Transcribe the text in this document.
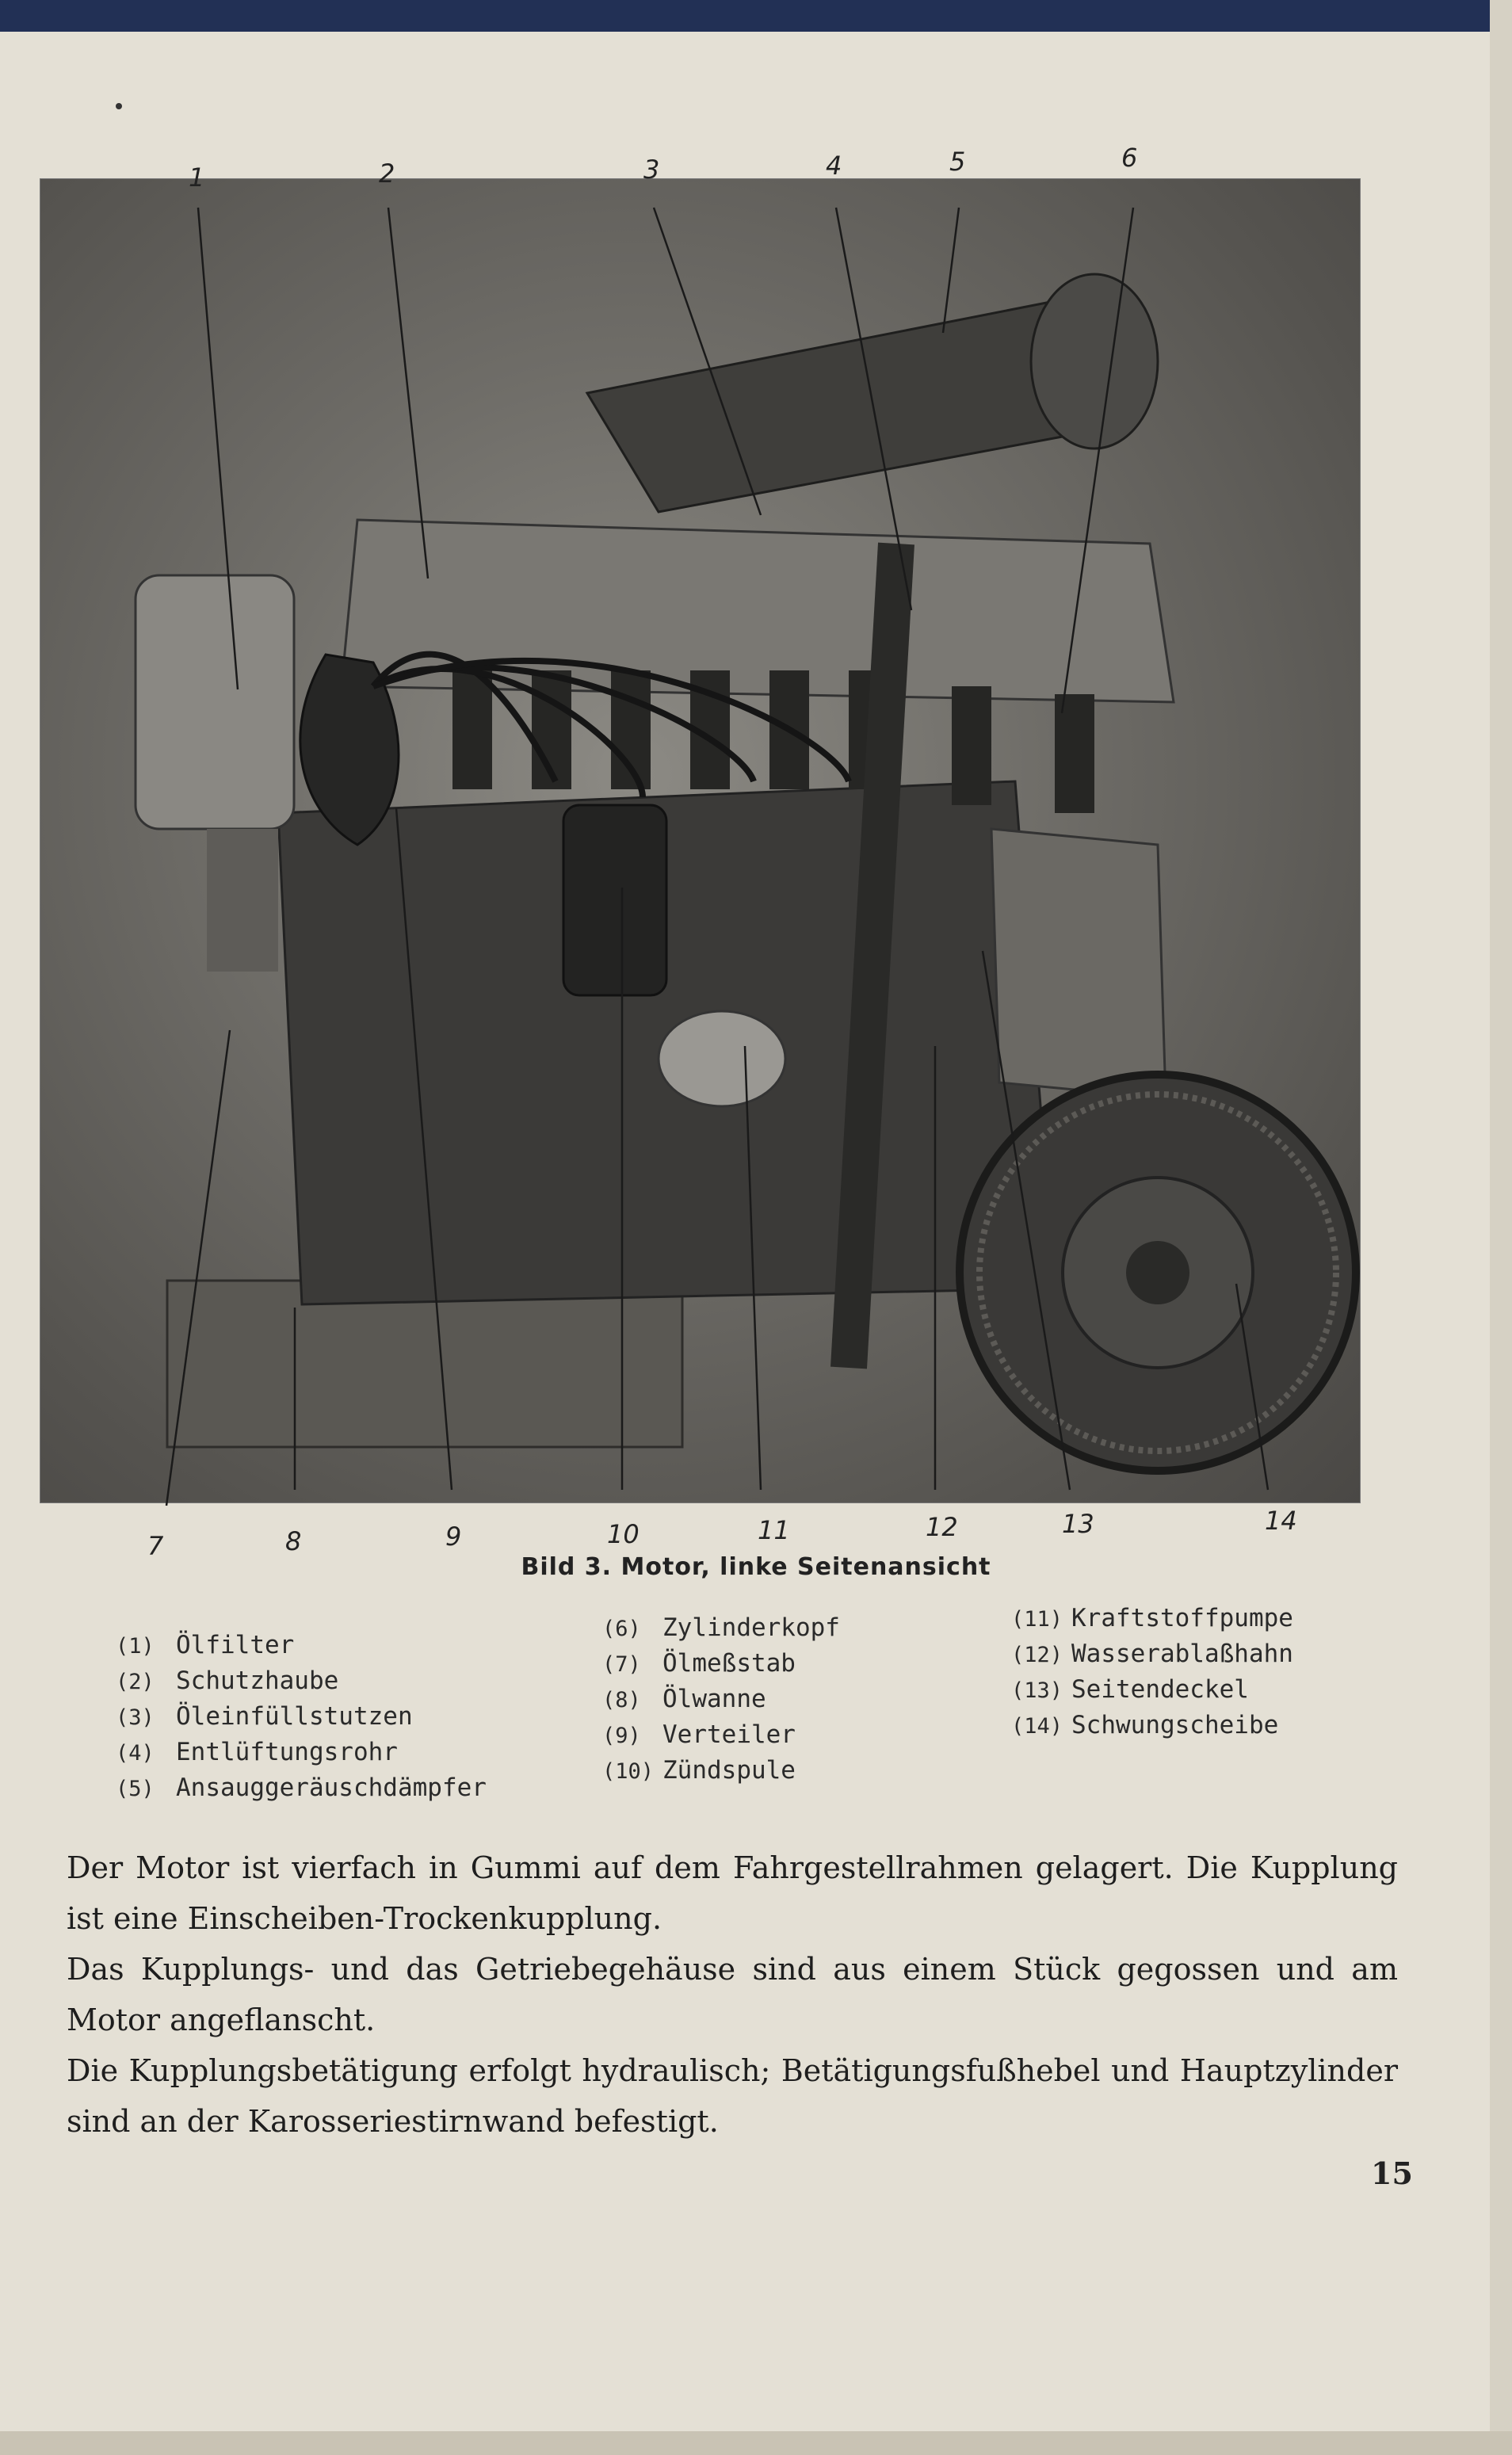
1	2	3	4	5	6
7	8	9	10	11	12	13	14
Bild 3. Motor, linke Seitenansicht
(1) Ölfilter
(2) Schutzhaube
(3) Öleinfüllstutzen
(4) Entlüftungsrohr
(5) Ansauggeräuschdämpfer
(6) Zylinderkopf
(7) Ölmeßstab
(8) Ölwanne
(9) Verteiler
(10) Zündspule
(11) Kraftstoffpumpe
(12) Wasserablaßhahn
(13) Seitendeckel
(14) Schwungscheibe

Der Motor ist vierfach in Gummi auf dem Fahrgestellrahmen gelagert. Die Kupplung ist eine Einscheiben-Trockenkupplung.

Das Kupplungs- und das Getriebegehäuse sind aus einem Stück gegossen und am Motor angeflanscht.

Die Kupplungsbetätigung erfolgt hydraulisch; Betätigungsfußhebel und Hauptzylinder sind an der Karosseriestirnwand befestigt.

15
